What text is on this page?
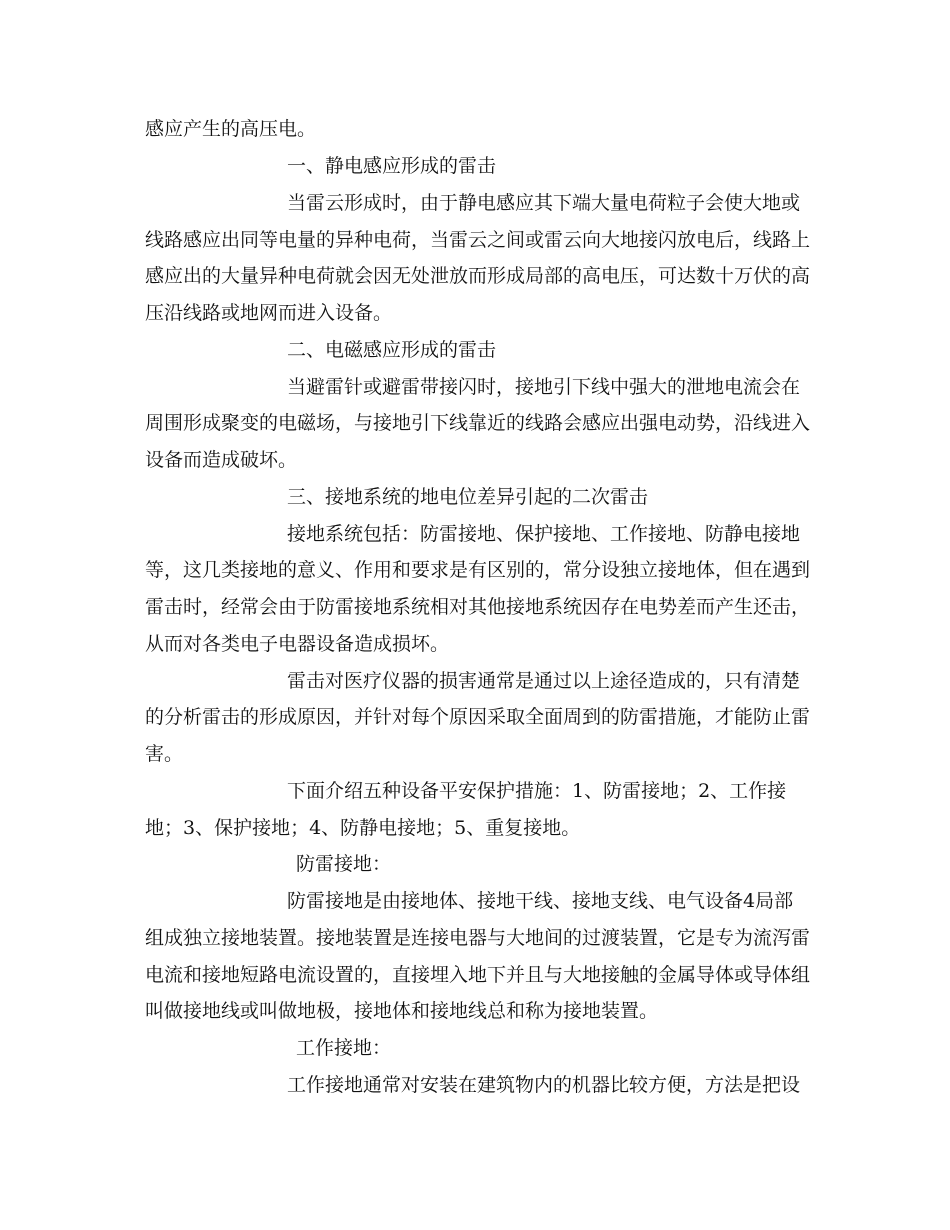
感应产生的高压电。

一、静电感应形成的雷击

当雷云形成时，由于静电感应其下端大量电荷粒子会使大地或

线路感应出同等电量的异种电荷，当雷云之间或雷云向大地接闪放电后，线路上

感应出的大量异种电荷就会因无处泄放而形成局部的高电压，可达数十万伏的高

压沿线路或地网而进入设备。

二、电磁感应形成的雷击

当避雷针或避雷带接闪时，接地引下线中强大的泄地电流会在

周围形成聚变的电磁场，与接地引下线靠近的线路会感应出强电动势，沿线进入

设备而造成破坏。

三、接地系统的地电位差异引起的二次雷击

接地系统包括：防雷接地、保护接地、工作接地、防静电接地

等，这几类接地的意义、作用和要求是有区别的，常分设独立接地体，但在遇到

雷击时，经常会由于防雷接地系统相对其他接地系统因存在电势差而产生还击，

从而对各类电子电器设备造成损坏。

雷击对医疗仪器的损害通常是通过以上途径造成的，只有清楚

的分析雷击的形成原因，并针对每个原因采取全面周到的防雷措施，才能防止雷

害。

下面介绍五种设备平安保护措施：1、防雷接地；2、工作接

地；3、保护接地；4、防静电接地；5、重复接地。

防雷接地：

防雷接地是由接地体、接地干线、接地支线、电气设备4局部

组成独立接地装置。接地装置是连接电器与大地间的过渡装置，它是专为流泻雷

电流和接地短路电流设置的，直接埋入地下并且与大地接触的金属导体或导体组

叫做接地线或叫做地极，接地体和接地线总和称为接地装置。

工作接地：

工作接地通常对安装在建筑物内的机器比较方便，方法是把设
